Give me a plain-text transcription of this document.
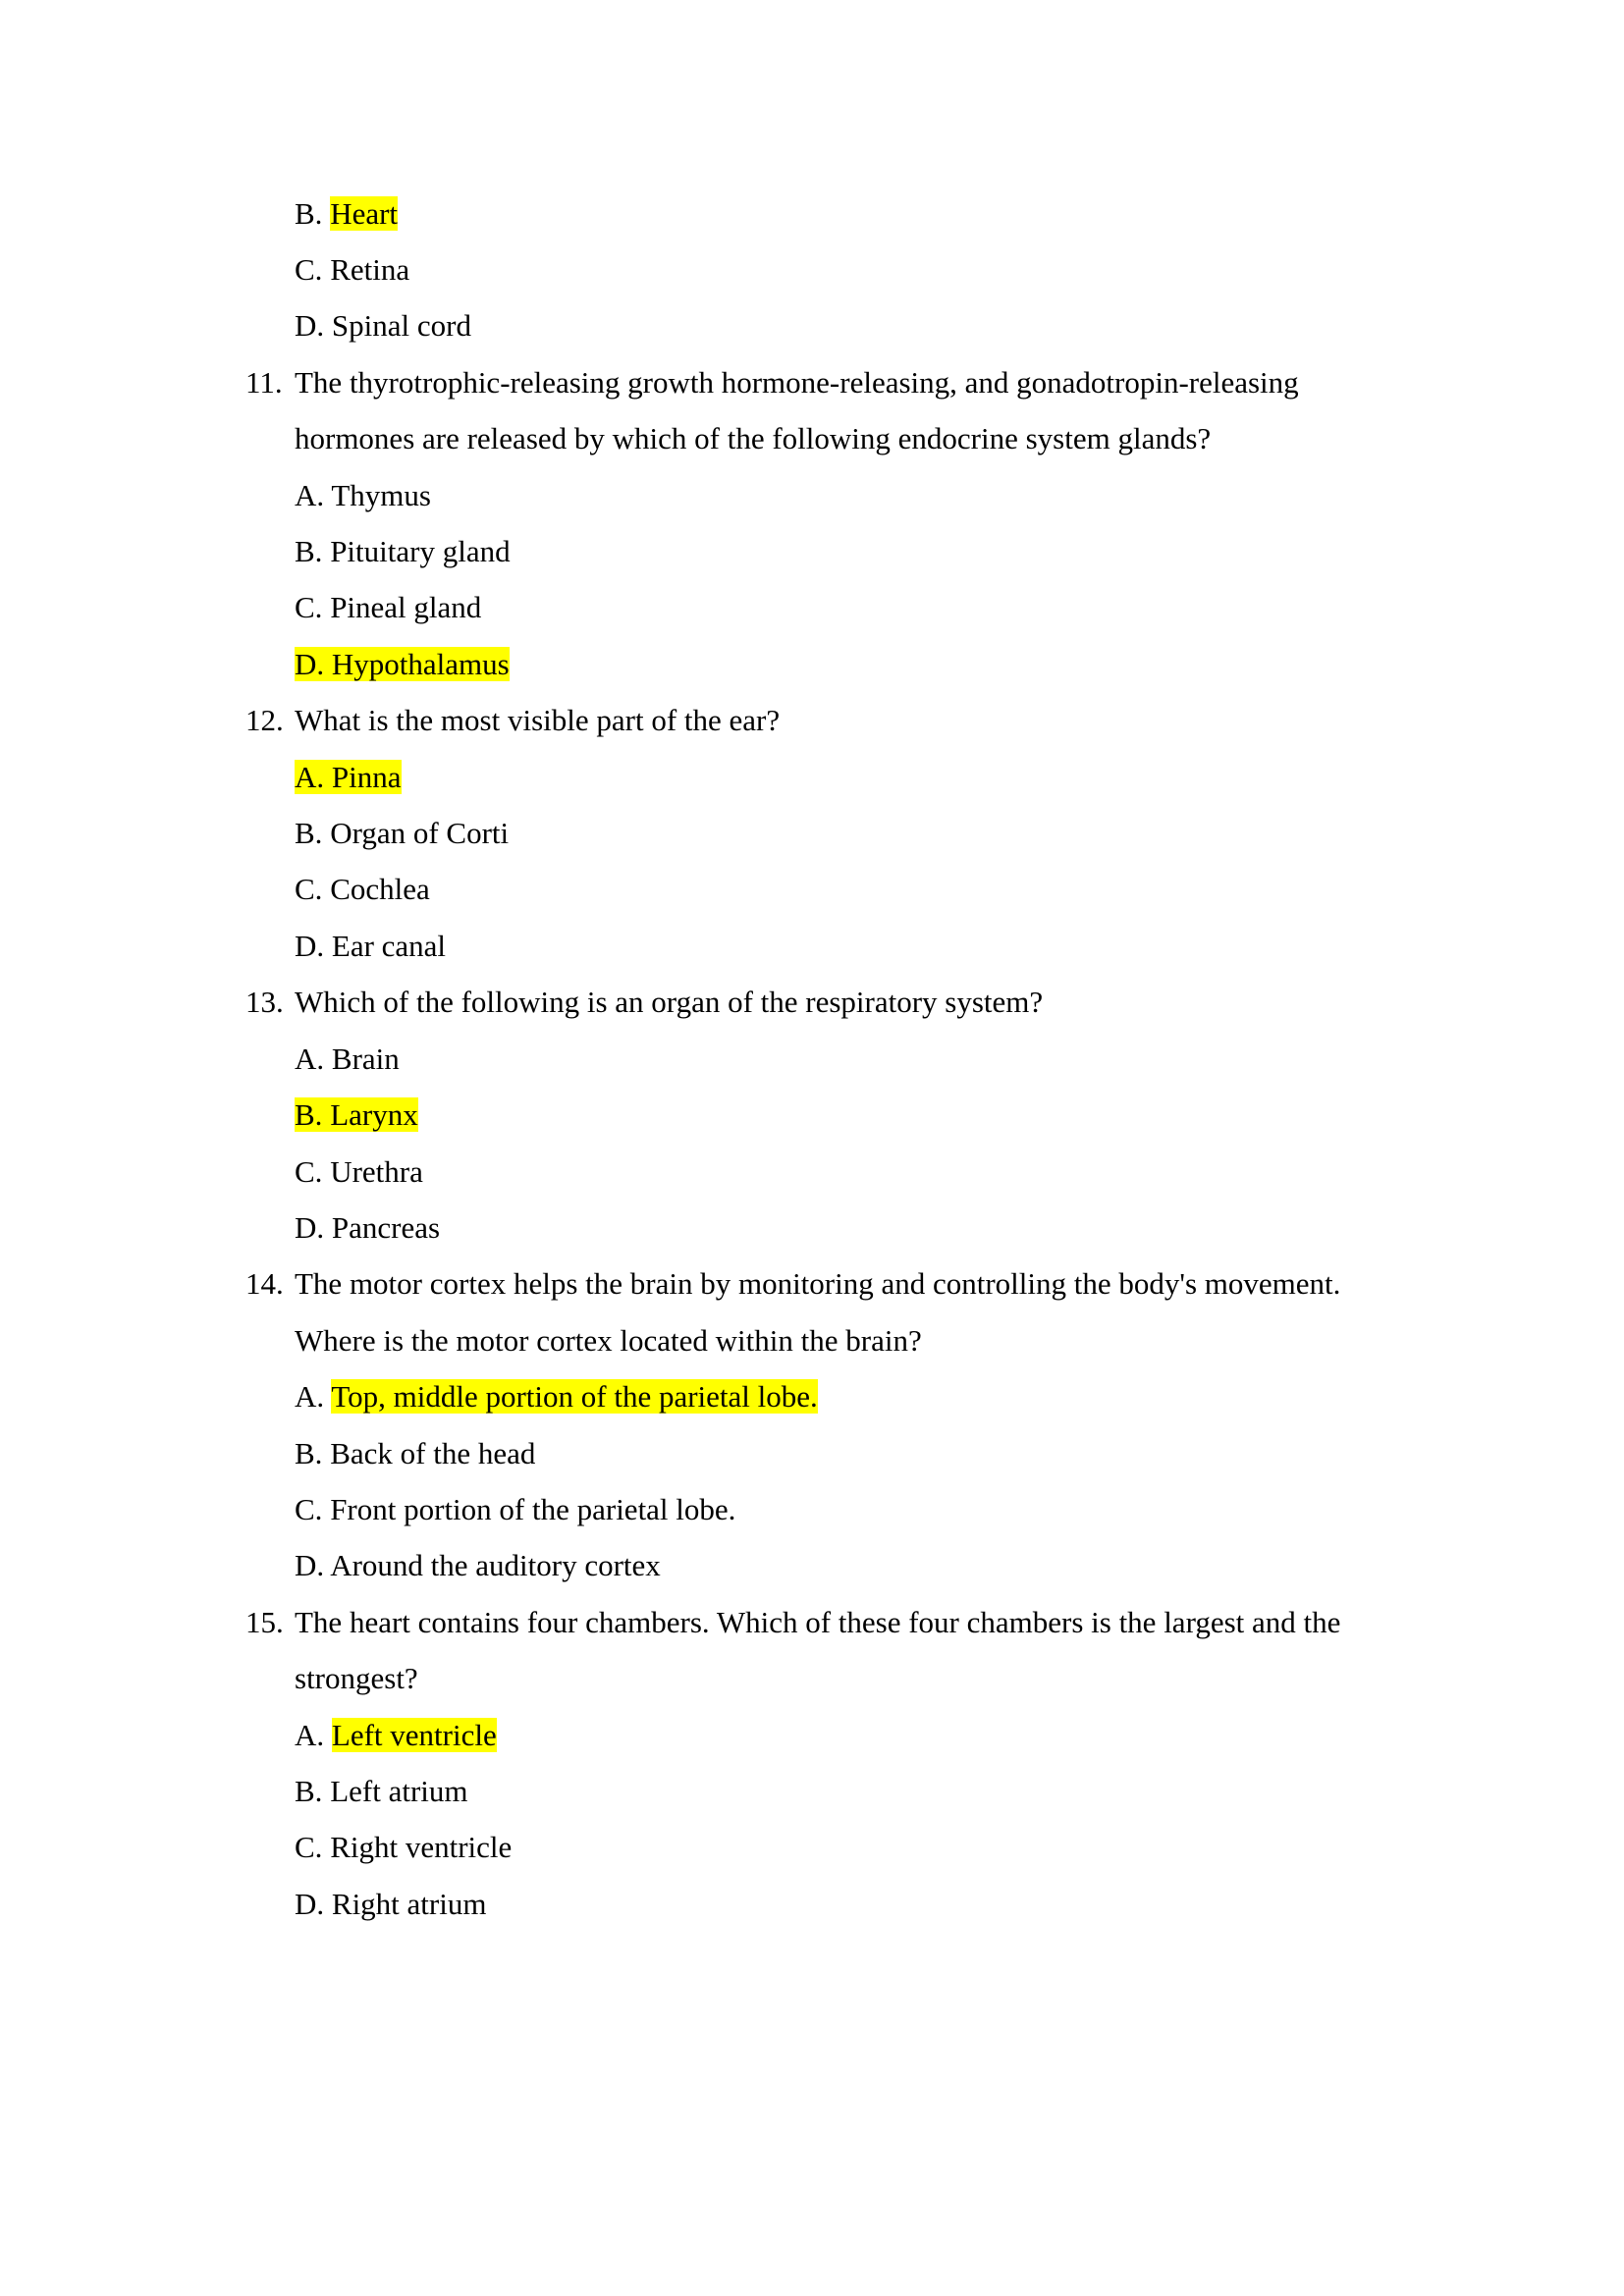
B. Heart
C. Retina
D. Spinal cord
11. The thyrotrophic-releasing growth hormone-releasing, and gonadotropin-releasing
hormones are released by which of the following endocrine system glands?
A. Thymus
B. Pituitary gland
C. Pineal gland
D. Hypothalamus
12. What is the most visible part of the ear?
A. Pinna
B. Organ of Corti
C. Cochlea
D. Ear canal
13. Which of the following is an organ of the respiratory system?
A. Brain
B. Larynx
C. Urethra
D. Pancreas
14. The motor cortex helps the brain by monitoring and controlling the body's movement.
Where is the motor cortex located within the brain?
A. Top, middle portion of the parietal lobe.
B. Back of the head
C. Front portion of the parietal lobe.
D. Around the auditory cortex
15. The heart contains four chambers. Which of these four chambers is the largest and the
strongest?
A. Left ventricle
B. Left atrium
C. Right ventricle
D. Right atrium
